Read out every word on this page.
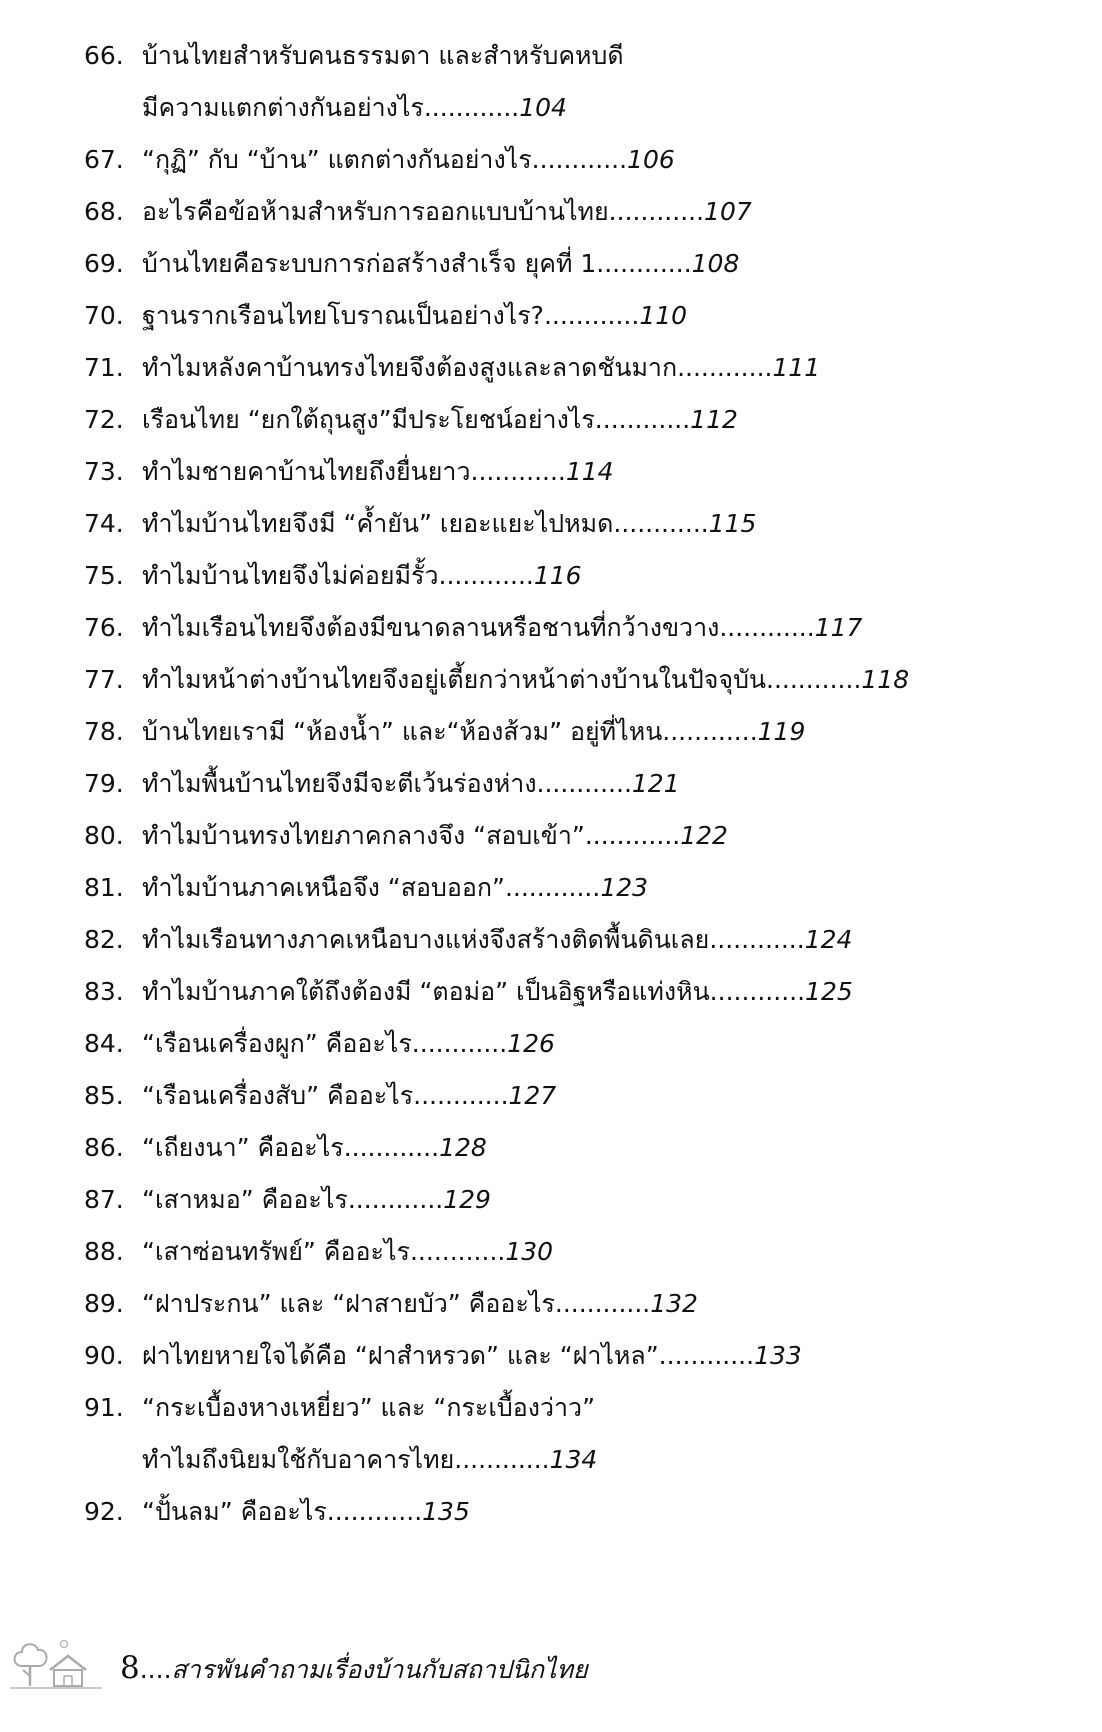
66. บ้านไทยสำหรับคนธรรมดา และสำหรับคหบดี
มีความแตกต่างกันอย่างไร............104
67. “กุฏิ” กับ “บ้าน” แตกต่างกันอย่างไร............106
68. อะไรคือข้อห้ามสำหรับการออกแบบบ้านไทย............107
69. บ้านไทยคือระบบการก่อสร้างสำเร็จ ยุคที่ 1............108
70. ฐานรากเรือนไทยโบราณเป็นอย่างไร?............110
71. ทำไมหลังคาบ้านทรงไทยจึงต้องสูงและลาดชันมาก............111
72. เรือนไทย “ยกใต้ถุนสูง”มีประโยชน์อย่างไร............112
73. ทำไมชายคาบ้านไทยถึงยื่นยาว............114
74. ทำไมบ้านไทยจึงมี “ค้ำยัน” เยอะแยะไปหมด............115
75. ทำไมบ้านไทยจึงไม่ค่อยมีรั้ว............116
76. ทำไมเรือนไทยจึงต้องมีขนาดลานหรือชานที่กว้างขวาง............117
77. ทำไมหน้าต่างบ้านไทยจึงอยู่เตี้ยกว่าหน้าต่างบ้านในปัจจุบัน............118
78. บ้านไทยเรามี “ห้องน้ำ” และ“ห้องส้วม” อยู่ที่ไหน............119
79. ทำไมพื้นบ้านไทยจึงมีจะตีเว้นร่องห่าง............121
80. ทำไมบ้านทรงไทยภาคกลางจึง “สอบเข้า”............122
81. ทำไมบ้านภาคเหนือจึง “สอบออก”............123
82. ทำไมเรือนทางภาคเหนือบางแห่งจึงสร้างติดพื้นดินเลย............124
83. ทำไมบ้านภาคใต้ถึงต้องมี “ตอม่อ” เป็นอิฐหรือแท่งหิน............125
84. “เรือนเครื่องผูก” คืออะไร............126
85. “เรือนเครื่องสับ” คืออะไร............127
86. “เถียงนา” คืออะไร............128
87. “เสาหมอ” คืออะไร............129
88. “เสาซ่อนทรัพย์” คืออะไร............130
89. “ฝาประกน” และ “ฝาสายบัว” คืออะไร............132
90. ฝาไทยหายใจได้คือ “ฝาสำหรวด” และ “ฝาไหล”............133
91. “กระเบื้องหางเหยี่ยว” และ “กระเบื้องว่าว”
ทำไมถึงนิยมใช้กับอาคารไทย............134
92. “ปั้นลม” คืออะไร............135
8....สารพันคำถามเรื่องบ้านกับสถาปนิกไทย
